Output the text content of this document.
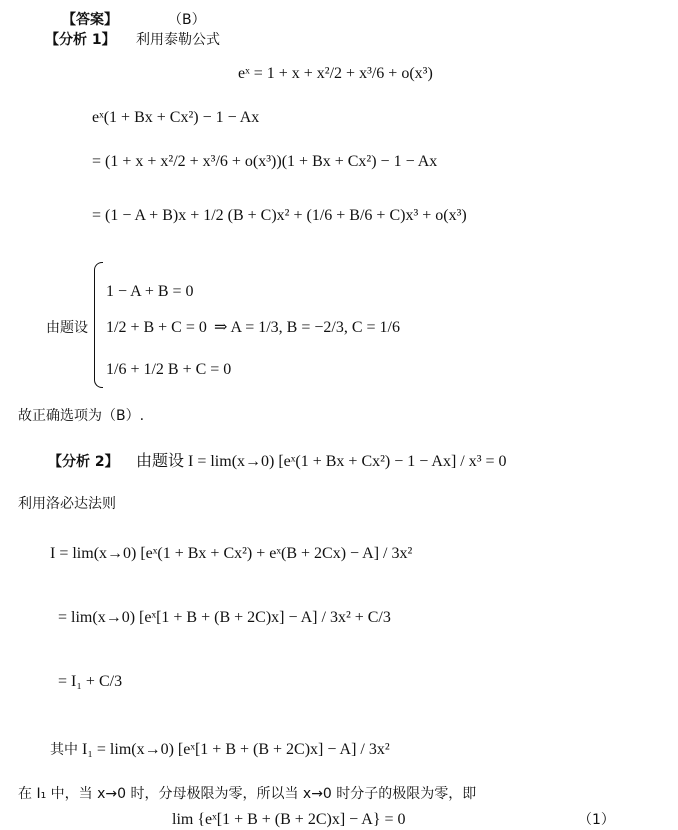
【答案】	（B）
【分析 1】 利用泰勒公式
eˣ = 1 + x + x²/2 + x³/6 + o(x³)
eˣ(1 + Bx + Cx²) − 1 − Ax
= (1 + x + x²/2 + x³/6 + o(x³))(1 + Bx + Cx²) − 1 − Ax
= (1 − A + B)x + 1/2 (B + C)x² + (1/6 + B/6 + C)x³ + o(x³)
由题设
1 − A + B = 0
1/2 + B + C = 0
1/6 + 1/2 B + C = 0
⇒ A = 1/3, B = −2/3, C = 1/6
故正确选项为（B）.
【分析 2】 由题设 I = lim(x→0) [eˣ(1 + Bx + Cx²) − 1 − Ax] / x³ = 0
利用洛必达法则
I = lim(x→0) [eˣ(1 + Bx + Cx²) + eˣ(B + 2Cx) − A] / 3x²
= lim(x→0) [eˣ[1 + B + (B + 2C)x] − A] / 3x² + C/3
= I₁ + C/3
其中 I₁ = lim(x→0) [eˣ[1 + B + (B + 2C)x] − A] / 3x²
在 I₁ 中，当 x→0 时，分母极限为零，所以当 x→0 时分子的极限为零，即
lim {eˣ[1 + B + (B + 2C)x] − A} = 0	（1）
